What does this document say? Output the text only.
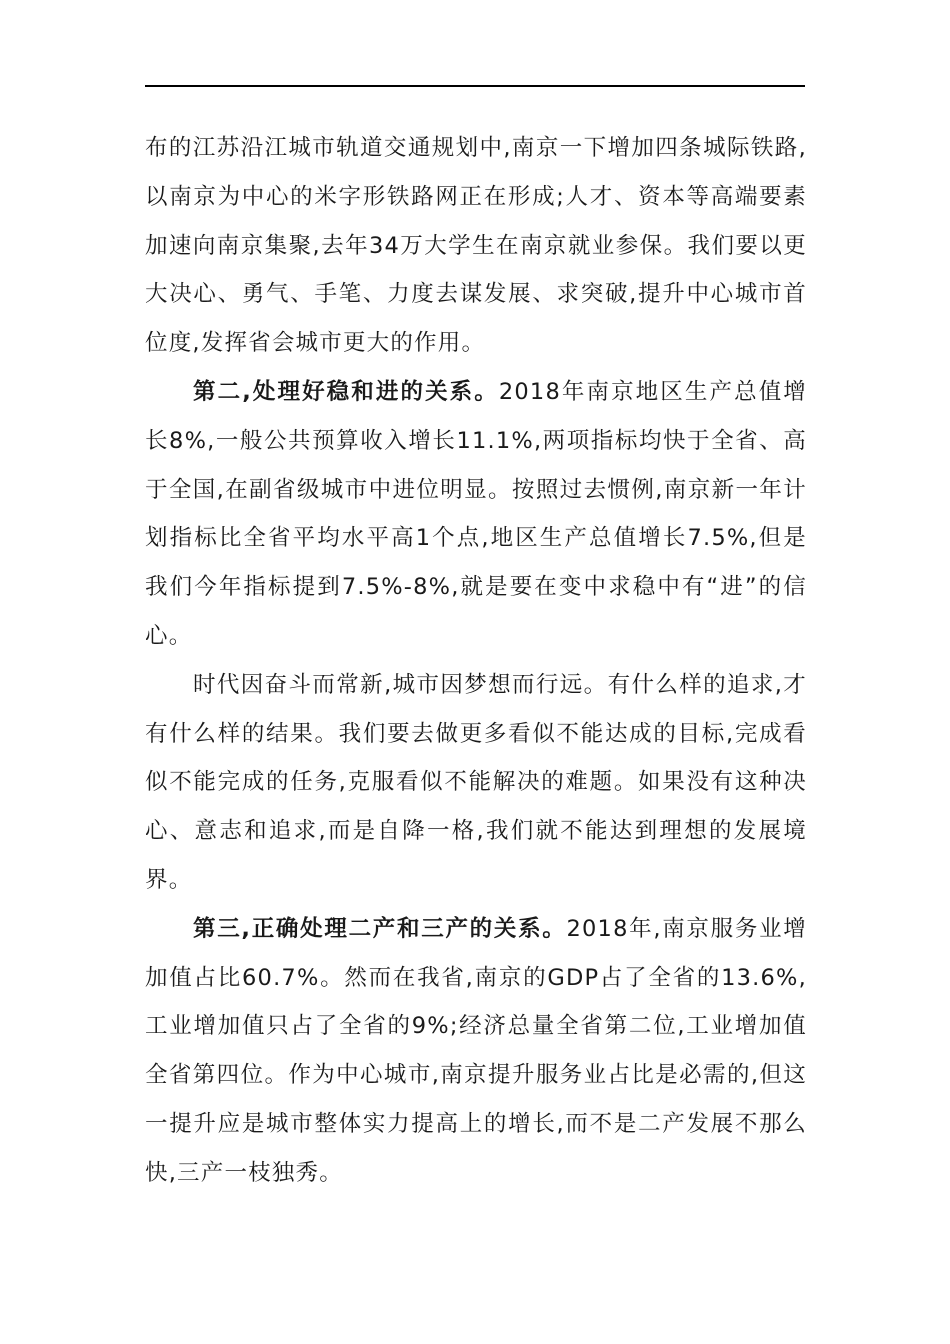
布的江苏沿江城市轨道交通规划中,南京一下增加四条城际铁路,以南京为中心的米字形铁路网正在形成;人才、资本等高端要素加速向南京集聚,去年34万大学生在南京就业参保。我们要以更大决心、勇气、手笔、力度去谋发展、求突破,提升中心城市首位度,发挥省会城市更大的作用。

第二,处理好稳和进的关系。2018年南京地区生产总值增长8%,一般公共预算收入增长11.1%,两项指标均快于全省、高于全国,在副省级城市中进位明显。按照过去惯例,南京新一年计划指标比全省平均水平高1个点,地区生产总值增长7.5%,但是我们今年指标提到7.5%-8%,就是要在变中求稳中有“进”的信心。

时代因奋斗而常新,城市因梦想而行远。有什么样的追求,才有什么样的结果。我们要去做更多看似不能达成的目标,完成看似不能完成的任务,克服看似不能解决的难题。如果没有这种决心、意志和追求,而是自降一格,我们就不能达到理想的发展境界。

第三,正确处理二产和三产的关系。2018年,南京服务业增加值占比60.7%。然而在我省,南京的GDP占了全省的13.6%,工业增加值只占了全省的9%;经济总量全省第二位,工业增加值全省第四位。作为中心城市,南京提升服务业占比是必需的,但这一提升应是城市整体实力提高上的增长,而不是二产发展不那么快,三产一枝独秀。
